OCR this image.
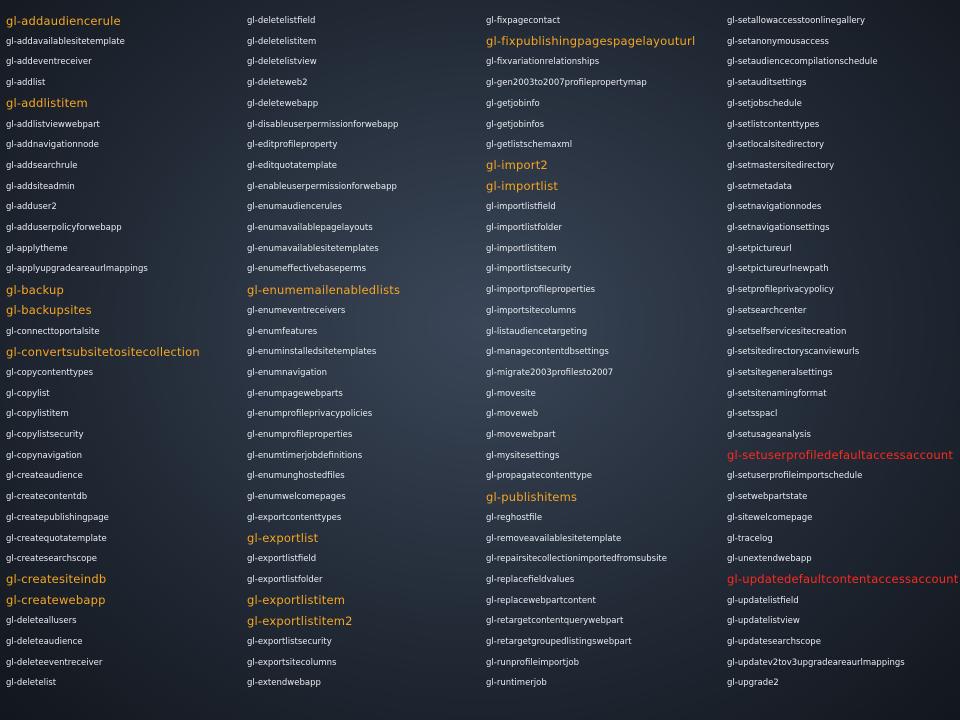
gl-addaudiencerule
gl-addavailablesitetemplate
gl-addeventreceiver
gl-addlist
gl-addlistitem
gl-addlistviewwebpart
gl-addnavigationnode
gl-addsearchrule
gl-addsiteadmin
gl-adduser2
gl-adduserpolicyforwebapp
gl-applytheme
gl-applyupgradeareaurlmappings
gl-backup
gl-backupsites
gl-connecttoportalsite
gl-convertsubsitetositecollection
gl-copycontenttypes
gl-copylist
gl-copylistitem
gl-copylistsecurity
gl-copynavigation
gl-createaudience
gl-createcontentdb
gl-createpublishingpage
gl-createquotatemplate
gl-createsearchscope
gl-createsiteindb
gl-createwebapp
gl-deleteallusers
gl-deleteaudience
gl-deleteeventreceiver
gl-deletelist
gl-deletelistfield
gl-deletelistitem
gl-deletelistview
gl-deleteweb2
gl-deletewebapp
gl-disableuserpermissionforwebapp
gl-editprofileproperty
gl-editquotatemplate
gl-enableuserpermissionforwebapp
gl-enumaudiencerules
gl-enumavailablepagelayouts
gl-enumavailablesitetemplates
gl-enumeffectivebaseperms
gl-enumemailenabledlists
gl-enumeventreceivers
gl-enumfeatures
gl-enuminstalledsitetemplates
gl-enumnavigation
gl-enumpagewebparts
gl-enumprofileprivacypolicies
gl-enumprofileproperties
gl-enumtimerjobdefinitions
gl-enumunghostedfiles
gl-enumwelcomepages
gl-exportcontenttypes
gl-exportlist
gl-exportlistfield
gl-exportlistfolder
gl-exportlistitem
gl-exportlistitem2
gl-exportlistsecurity
gl-exportsitecolumns
gl-extendwebapp
gl-fixpagecontact
gl-fixpublishingpagespagelayouturl
gl-fixvariationrelationships
gl-gen2003to2007profilepropertymap
gl-getjobinfo
gl-getjobinfos
gl-getlistschemaxml
gl-import2
gl-importlist
gl-importlistfield
gl-importlistfolder
gl-importlistitem
gl-importlistsecurity
gl-importprofileproperties
gl-importsitecolumns
gl-listaudiencetargeting
gl-managecontentdbsettings
gl-migrate2003profilesto2007
gl-movesite
gl-moveweb
gl-movewebpart
gl-mysitesettings
gl-propagatecontenttype
gl-publishitems
gl-reghostfile
gl-removeavailablesitetemplate
gl-repairsitecollectionimportedfromsubsite
gl-replacefieldvalues
gl-replacewebpartcontent
gl-retargetcontentquerywebpart
gl-retargetgroupedlistingswebpart
gl-runprofileimportjob
gl-runtimerjob
gl-setallowaccesstoonlinegallery
gl-setanonymousaccess
gl-setaudiencecompilationschedule
gl-setauditsettings
gl-setjobschedule
gl-setlistcontenttypes
gl-setlocalsitedirectory
gl-setmastersitedirectory
gl-setmetadata
gl-setnavigationnodes
gl-setnavigationsettings
gl-setpictureurl
gl-setpictureurlnewpath
gl-setprofileprivacypolicy
gl-setsearchcenter
gl-setselfservicesitecreation
gl-setsitedirectoryscanviewurls
gl-setsitegeneralsettings
gl-setsitenamingformat
gl-setsspacl
gl-setusageanalysis
gl-setuserprofiledefaultaccessaccount
gl-setuserprofileimportschedule
gl-setwebpartstate
gl-sitewelcomepage
gl-tracelog
gl-unextendwebapp
gl-updatedefaultcontentaccessaccount
gl-updatelistfield
gl-updatelistview
gl-updatesearchscope
gl-updatev2tov3upgradeareaurlmappings
gl-upgrade2
